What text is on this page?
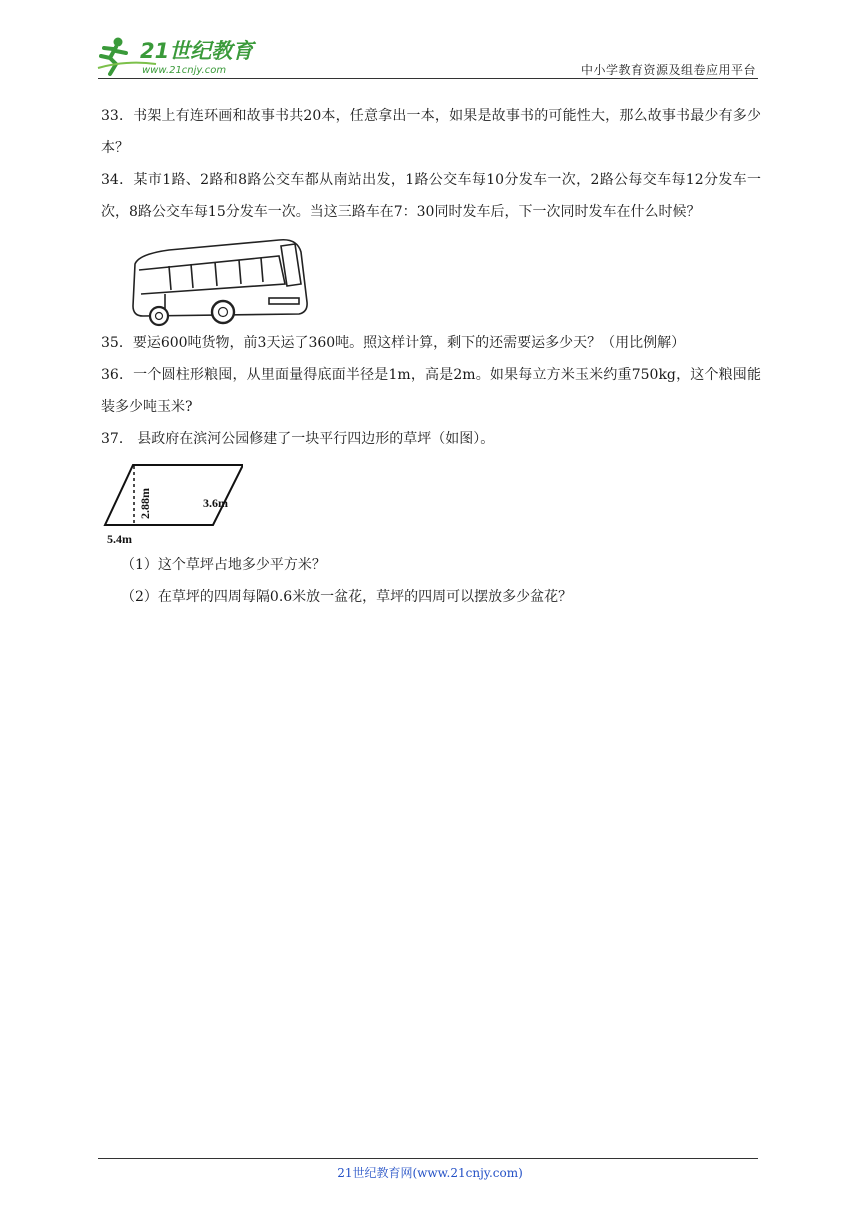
21世纪教育
www.21cnjy.com	中小学教育资源及组卷应用平台

33．书架上有连环画和故事书共20本，任意拿出一本，如果是故事书的可能性大，那么故事书最少有多少本？

34．某市1路、2路和8路公交车都从南站出发，1路公交车每10分发车一次，2路公每交车每12分发车一次，8路公交车每15分发车一次。当这三路车在7：30同时发车后，下一次同时发车在什么时候？

35．要运600吨货物，前3天运了360吨。照这样计算，剩下的还需要运多少天？（用比例解）

36．一个圆柱形粮囤，从里面量得底面半径是1m，高是2m。如果每立方米玉米约重750kg，这个粮囤能装多少吨玉米?

37． 县政府在滨河公园修建了一块平行四边形的草坪（如图）。

2.88m	3.6m
5.4m

（1）这个草坪占地多少平方米？

（2）在草坪的四周每隔0.6米放一盆花，草坪的四周可以摆放多少盆花？

21世纪教育网(www.21cnjy.com)
